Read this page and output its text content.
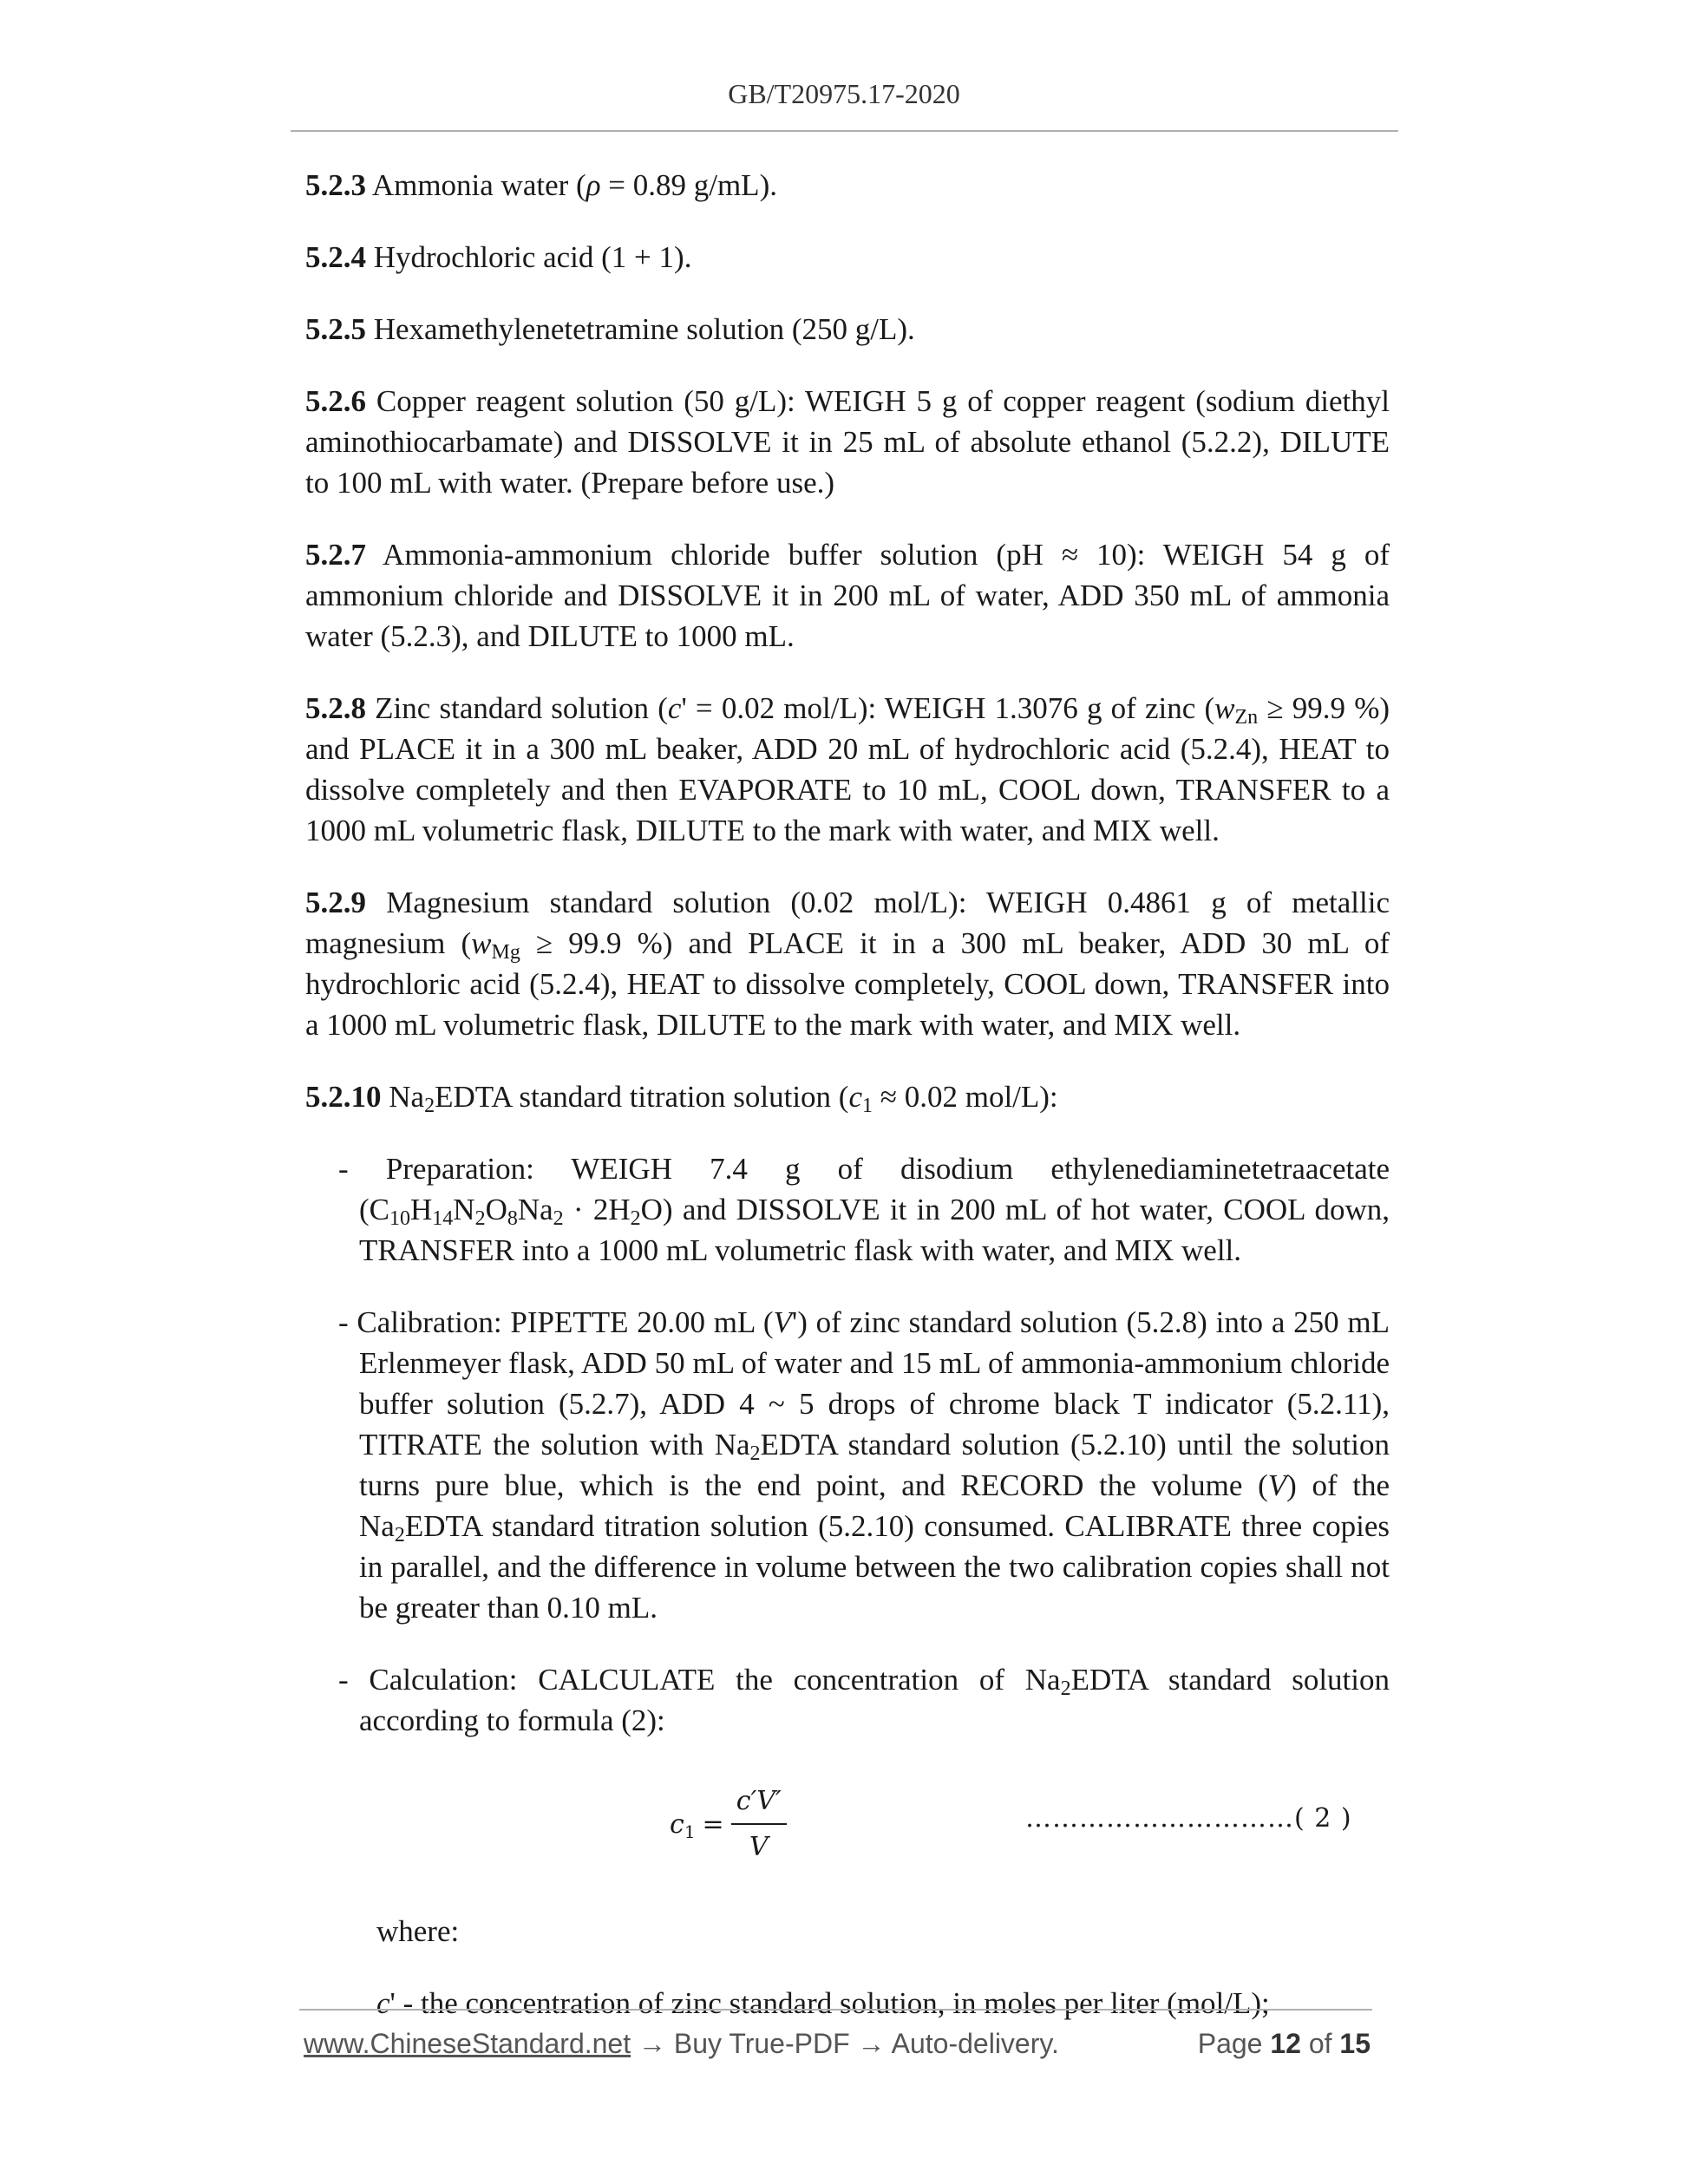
GB/T20975.17-2020

5.2.3 Ammonia water (ρ = 0.89 g/mL).

5.2.4 Hydrochloric acid (1 + 1).

5.2.5 Hexamethylenetetramine solution (250 g/L).

5.2.6 Copper reagent solution (50 g/L): WEIGH 5 g of copper reagent (sodium diethyl aminothiocarbamate) and DISSOLVE it in 25 mL of absolute ethanol (5.2.2), DILUTE to 100 mL with water. (Prepare before use.)

5.2.7 Ammonia-ammonium chloride buffer solution (pH ≈ 10): WEIGH 54 g of ammonium chloride and DISSOLVE it in 200 mL of water, ADD 350 mL of ammonia water (5.2.3), and DILUTE to 1000 mL.

5.2.8 Zinc standard solution (c' = 0.02 mol/L): WEIGH 1.3076 g of zinc (wZn ≥ 99.9 %) and PLACE it in a 300 mL beaker, ADD 20 mL of hydrochloric acid (5.2.4), HEAT to dissolve completely and then EVAPORATE to 10 mL, COOL down, TRANSFER to a 1000 mL volumetric flask, DILUTE to the mark with water, and MIX well.

5.2.9 Magnesium standard solution (0.02 mol/L): WEIGH 0.4861 g of metallic magnesium (wMg ≥ 99.9 %) and PLACE it in a 300 mL beaker, ADD 30 mL of hydrochloric acid (5.2.4), HEAT to dissolve completely, COOL down, TRANSFER into a 1000 mL volumetric flask, DILUTE to the mark with water, and MIX well.

5.2.10 $Na_2EDTA$ standard titration solution (c1 ≈ 0.02 mol/L):

- Preparation: WEIGH 7.4 g of disodium ethylenediaminetetraacetate $(C_{10}H_{14}N_2O_8Na_2 \cdot 2H_2O)$ and DISSOLVE it in 200 mL of hot water, COOL down, TRANSFER into a 1000 mL volumetric flask with water, and MIX well.

- Calibration: PIPETTE 20.00 mL (V') of zinc standard solution (5.2.8) into a 250 mL Erlenmeyer flask, ADD 50 mL of water and 15 mL of ammonia-ammonium chloride buffer solution (5.2.7), ADD 4 ~ 5 drops of chrome black T indicator (5.2.11), TITRATE the solution with $Na_2EDTA$ standard solution (5.2.10) until the solution turns pure blue, which is the end point, and RECORD the volume (V) of the $Na_2EDTA$ standard titration solution (5.2.10) consumed. CALIBRATE three copies in parallel, and the difference in volume between the two calibration copies shall not be greater than 0.10 mL.

- Calculation: CALCULATE the concentration of $Na_2EDTA$ standard solution according to formula (2):

$c_1 = \frac{c'V'}{V}$	…………………………( 2 )

where:

c' - the concentration of zinc standard solution, in moles per liter (mol/L);

www.ChineseStandard.net → Buy True-PDF → Auto-delivery.	Page 12 of 15
